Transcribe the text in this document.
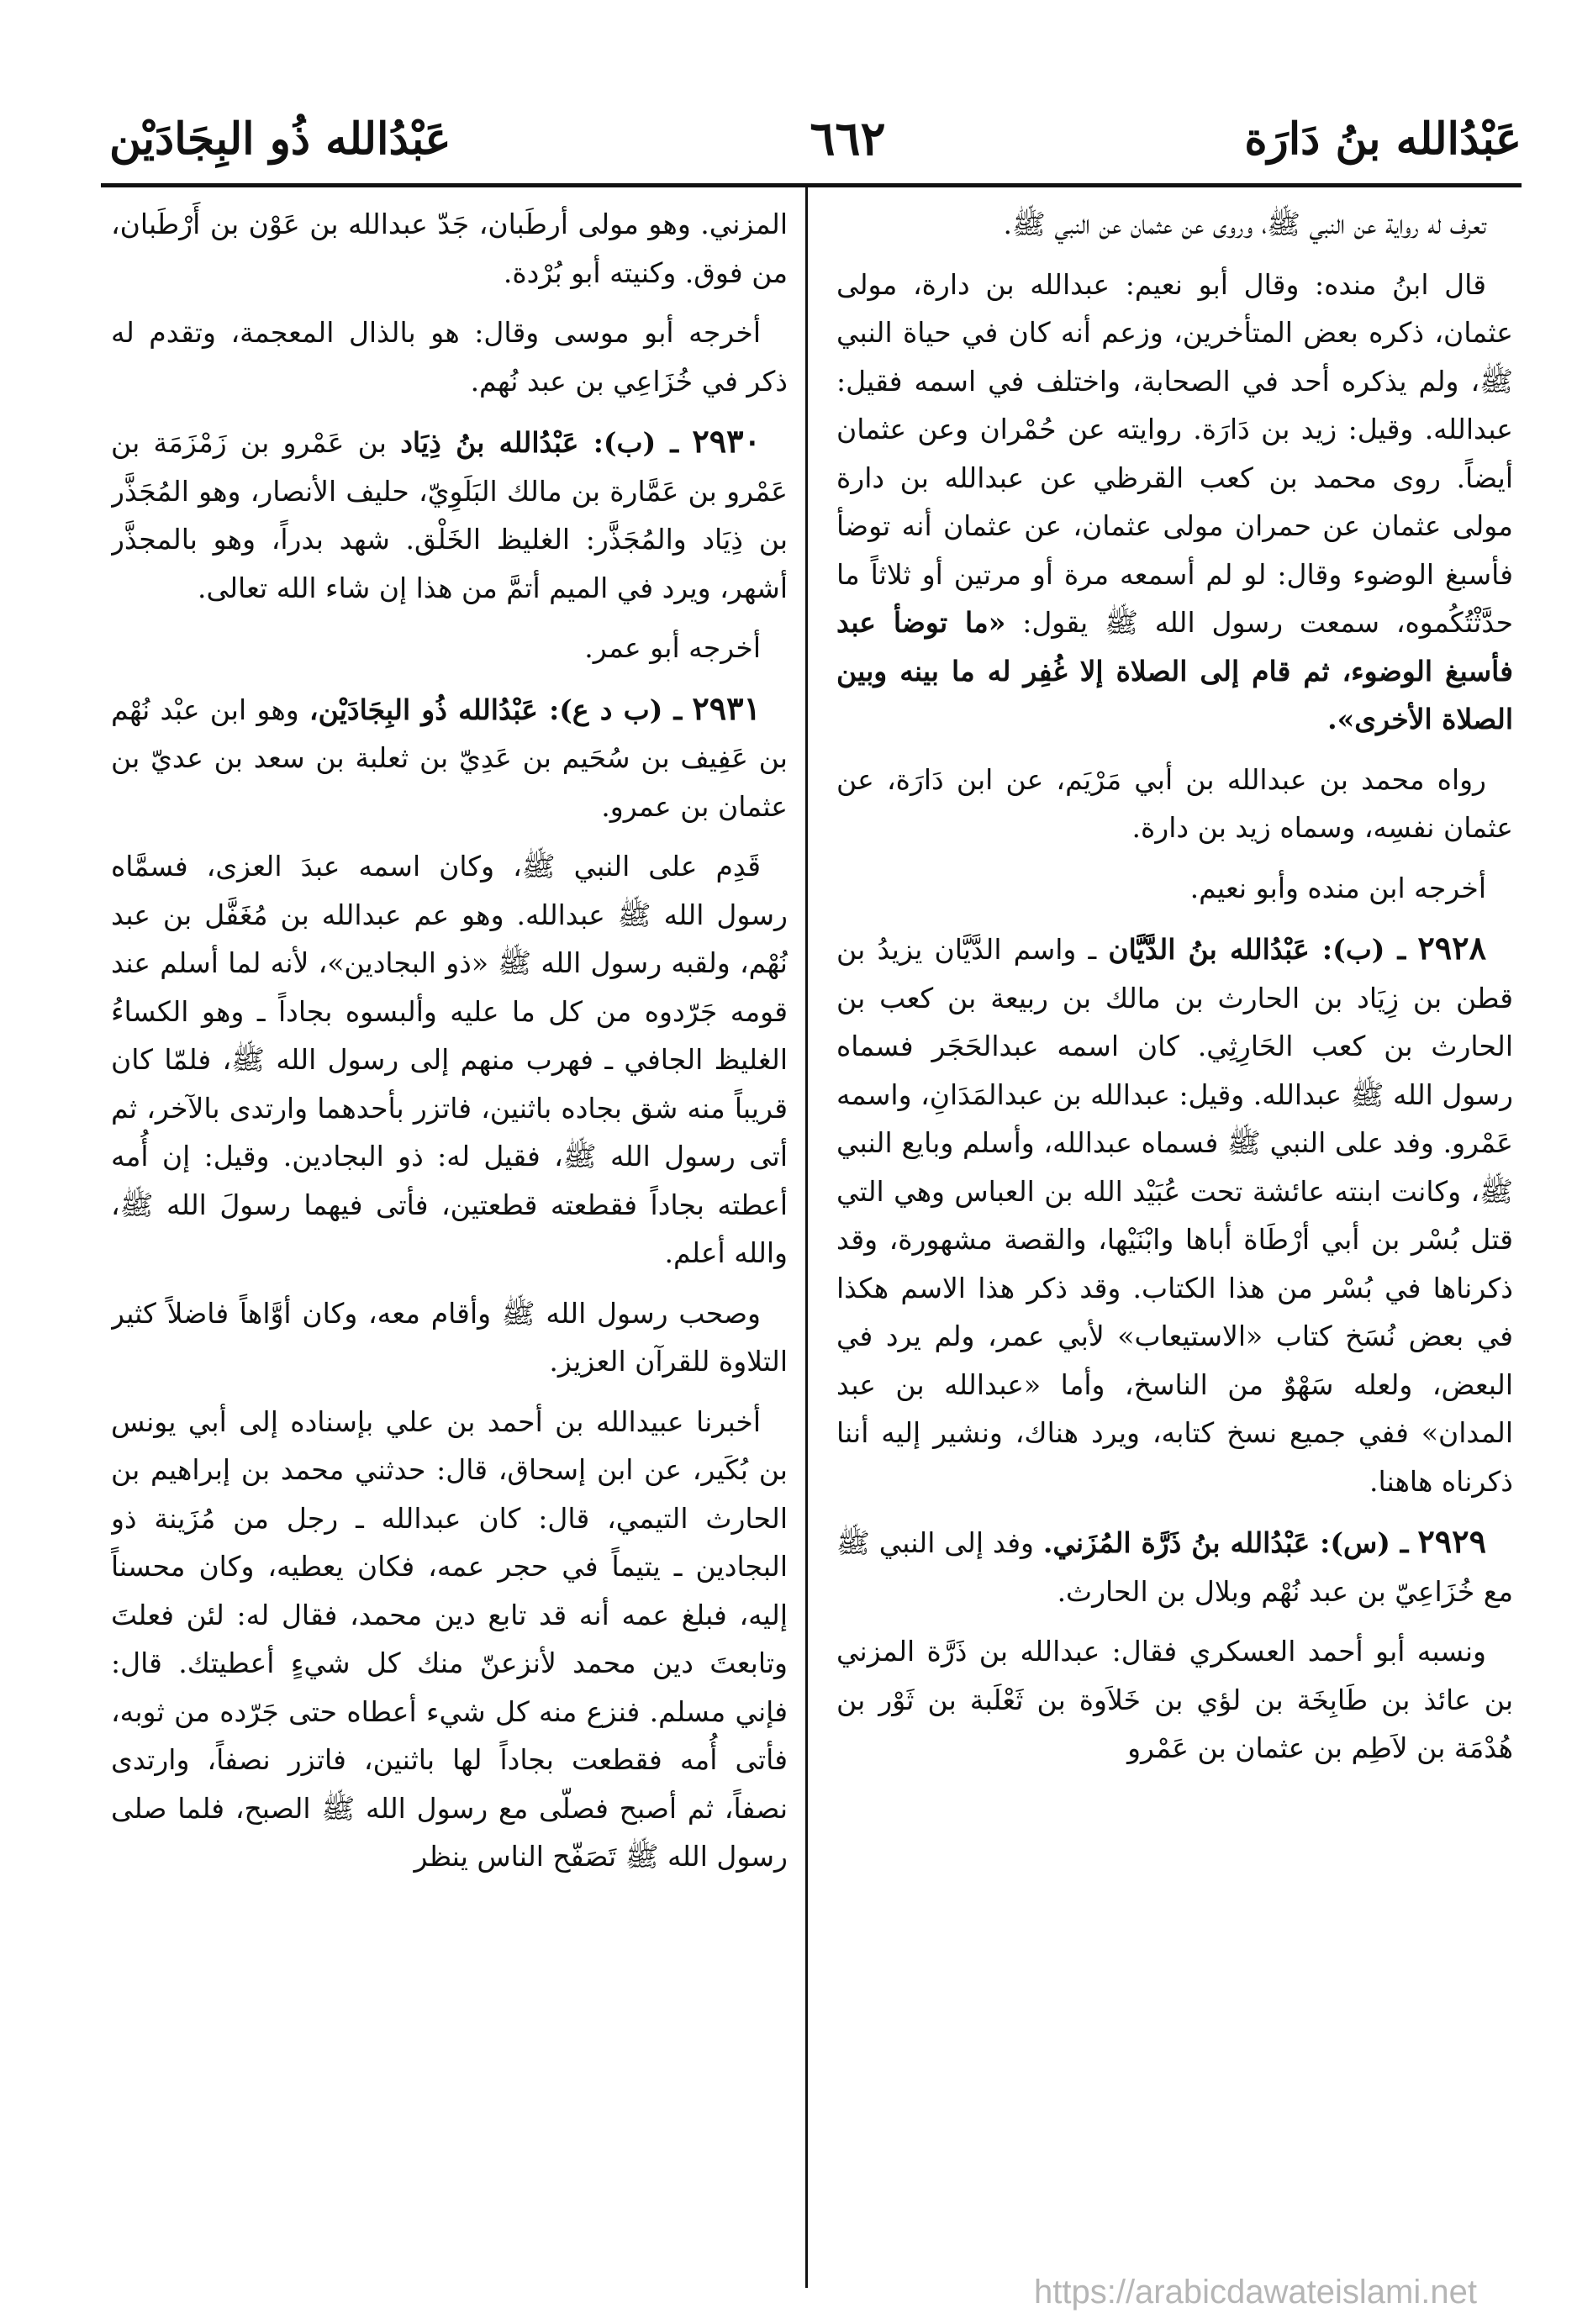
عَبْدُالله بنُ دَارَة
٦٦٢
عَبْدُالله ذُو البِجَادَيْن

تعرف له رواية عن النبي ﷺ، وروى عن عثمان عن النبي ﷺ.

قال ابنُ منده: وقال أبو نعيم: عبدالله بن دارة، مولى عثمان، ذكره بعض المتأخرين، وزعم أنه كان في حياة النبي ﷺ، ولم يذكره أحد في الصحابة، واختلف في اسمه فقيل: عبدالله. وقيل: زيد بن دَارَة. روايته عن حُمْران وعن عثمان أيضاً. روى محمد بن كعب القرظي عن عبدالله بن دارة مولى عثمان عن حمران مولى عثمان، عن عثمان أنه توضأ فأسبغ الوضوء وقال: لو لم أسمعه مرة أو مرتين أو ثلاثاً ما حدَّثْتُكُموه، سمعت رسول الله ﷺ يقول: «ما توضأ عبد فأسبغ الوضوء، ثم قام إلى الصلاة إلا غُفِر له ما بينه وبين الصلاة الأخرى».

رواه محمد بن عبدالله بن أبي مَرْيَم، عن ابن دَارَة، عن عثمان نفسِه، وسماه زيد بن دارة.

أخرجه ابن منده وأبو نعيم.

٢٩٢٨ ـ (ب): عَبْدُالله بنُ الدَّيَّان ـ واسم الدَّيَّان يزيدُ بن قطن بن زِيَاد بن الحارث بن مالك بن ربيعة بن كعب بن الحارث بن كعب الحَارِثِي. كان اسمه عبدالحَجَر فسماه رسول الله ﷺ عبدالله. وقيل: عبدالله بن عبدالمَدَانِ، واسمه عَمْرو. وفد على النبي ﷺ فسماه عبدالله، وأسلم وبايع النبي ﷺ، وكانت ابنته عائشة تحت عُبَيْد الله بن العباس وهي التي قتل بُسْر بن أبي أرْطَاة أباها وابْنَيْها، والقصة مشهورة، وقد ذكرناها في بُسْر من هذا الكتاب. وقد ذكر هذا الاسم هكذا في بعض نُسَخ كتاب «الاستيعاب» لأبي عمر، ولم يرد في البعض، ولعله سَهْوٌ من الناسخ، وأما «عبدالله بن عبد المدان» ففي جميع نسخ كتابه، ويرد هناك، ونشير إليه أننا ذكرناه هاهنا.

٢٩٢٩ ـ (س): عَبْدُالله بنُ ذَرَّة المُزَني. وفد إلى النبي ﷺ مع خُزَاعِيّ بن عبد نُهْم وبلال بن الحارث.

ونسبه أبو أحمد العسكري فقال: عبدالله بن ذَرَّة المزني بن عائذ بن طَابِخَة بن لؤي بن خَلاَوة بن ثَعْلَبة بن ثَوْر بن هُدْمَة بن لاَطِم بن عثمان بن عَمْرو

المزني. وهو مولى أرطَبان، جَدّ عبدالله بن عَوْن بن أَرْطَبان، من فوق. وكنيته أبو بُرْدة.

أخرجه أبو موسى وقال: هو بالذال المعجمة، وتقدم له ذكر في خُزَاعِي بن عبد نُهم.

٢٩٣٠ ـ (ب): عَبْدُالله بنُ ذِيَاد بن عَمْرو بن زَمْزَمَة بن عَمْرو بن عَمَّارة بن مالك البَلَوِيّ، حليف الأنصار، وهو المُجَذَّر بن ذِيَاد والمُجَذَّر: الغليظ الخَلْق. شهد بدراً، وهو بالمجذَّر أشهر، ويرد في الميم أتمَّ من هذا إن شاء الله تعالى.

أخرجه أبو عمر.

٢٩٣١ ـ (ب د ع): عَبْدُالله ذُو البِجَادَيْن، وهو ابن عبْد نُهْم بن عَفِيف بن سُحَيم بن عَدِيّ بن ثعلبة بن سعد بن عديّ بن عثمان بن عمرو.

قَدِم على النبي ﷺ، وكان اسمه عبدَ العزى، فسمَّاه رسول الله ﷺ عبدالله. وهو عم عبدالله بن مُغَفَّل بن عبد نُهْم، ولقبه رسول الله ﷺ «ذو البجادين»، لأنه لما أسلم عند قومه جَرّدوه من كل ما عليه وألبسوه بجاداً ـ وهو الكساءُ الغليظ الجافي ـ فهرب منهم إلى رسول الله ﷺ، فلمّا كان قريباً منه شق بجاده باثنين، فاتزر بأحدهما وارتدى بالآخر، ثم أتى رسول الله ﷺ، فقيل له: ذو البجادين. وقيل: إن أُمه أعطته بجاداً فقطعته قطعتين، فأتى فيهما رسولَ الله ﷺ، والله أعلم.

وصحب رسول الله ﷺ وأقام معه، وكان أوَّاهاً فاضلاً كثير التلاوة للقرآن العزيز.

أخبرنا عبيدالله بن أحمد بن علي بإسناده إلى أبي يونس بن بُكَير، عن ابن إسحاق، قال: حدثني محمد بن إبراهيم بن الحارث التيمي، قال: كان عبدالله ـ رجل من مُزَينة ذو البجادين ـ يتيماً في حجر عمه، فكان يعطيه، وكان محسناً إليه، فبلغ عمه أنه قد تابع دين محمد، فقال له: لئن فعلتَ وتابعتَ دين محمد لأنزعنّ منك كل شيءٍ أعطيتك. قال: فإني مسلم. فنزع منه كل شيء أعطاه حتى جَرّده من ثوبه، فأتى أُمه فقطعت بجاداً لها باثنين، فاتزر نصفاً، وارتدى نصفاً، ثم أصبح فصلّى مع رسول الله ﷺ الصبح، فلما صلى رسول الله ﷺ تَصَفّح الناس ينظر

https://arabicdawateislami.net
